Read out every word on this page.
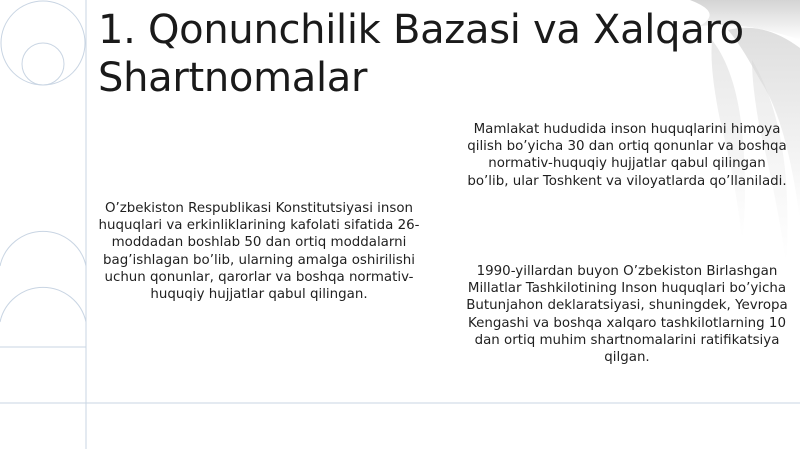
1. Qonunchilik Bazasi va Xalqaro Shartnomalar

O’zbekiston Respublikasi Konstitutsiyasi inson huquqlari va erkinliklarining kafolati sifatida 26-moddadan boshlab 50 dan ortiq moddalarni bag’ishlagan bo’lib, ularning amalga oshirilishi uchun qonunlar, qarorlar va boshqa normativ-huquqiy hujjatlar qabul qilingan.

Mamlakat hududida inson huquqlarini himoya qilish bo’yicha 30 dan ortiq qonunlar va boshqa normativ-huquqiy hujjatlar qabul qilingan bo’lib, ular Toshkent va viloyatlarda qo’llaniladi.

1990-yillardan buyon O’zbekiston Birlashgan Millatlar Tashkilotining Inson huquqlari bo’yicha Butunjahon deklaratsiyasi, shuningdek, Yevropa Kengashi va boshqa xalqaro tashkilotlarning 10 dan ortiq muhim shartnomalarini ratifikatsiya qilgan.
